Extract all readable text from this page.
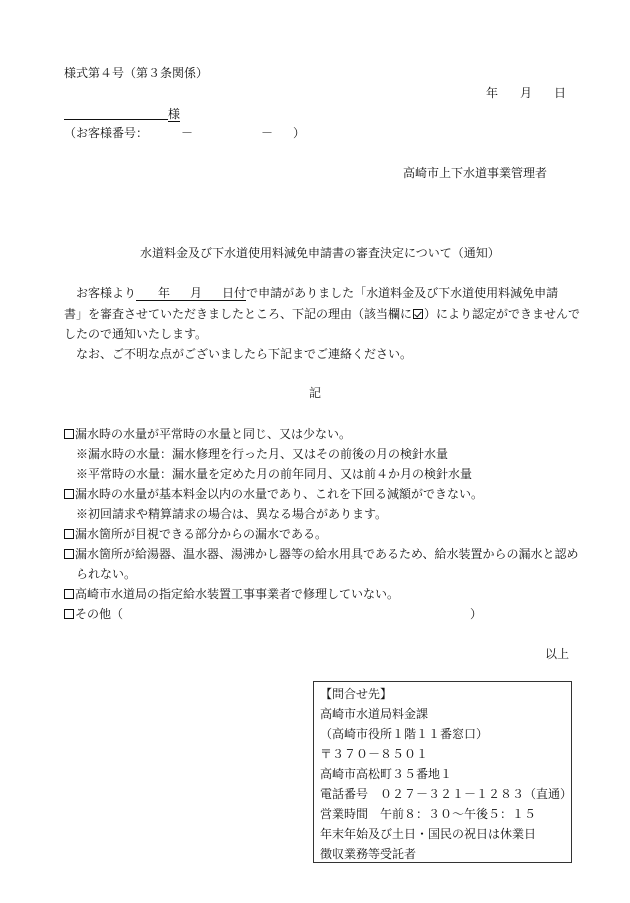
様式第４号（第３条関係）
年 月 日
様
（お客様番号：	－	－ ）
高崎市上下水道事業管理者
水道料金及び下水道使用料減免申請書の審査決定について（通知）
お客様より 年 月 日付で申請がありました「水道料金及び下水道使用料減免申請
書」を審査させていただきましたところ、下記の理由（該当欄に ）により認定ができませんで
したので通知いたします。
なお、ご不明な点がございましたら下記までご連絡ください。
記
漏水時の水量が平常時の水量と同じ、又は少ない。
※漏水時の水量：漏水修理を行った月、又はその前後の月の検針水量
※平常時の水量：漏水量を定めた月の前年同月、又は前４か月の検針水量
漏水時の水量が基本料金以内の水量であり、これを下回る減額ができない。
※初回請求や精算請求の場合は、異なる場合があります。
漏水箇所が目視できる部分からの漏水である。
漏水箇所が給湯器、温水器、湯沸かし器等の給水用具であるため、給水装置からの漏水と認め
られない。
高崎市水道局の指定給水装置工事事業者で修理していない。
その他（	）
以上
【問合せ先】
高崎市水道局料金課
（高崎市役所１階１１番窓口）
〒３７０－８５０１
高崎市高松町３５番地１
電話番号　０２７－３２１－１２８３（直通）
営業時間　午前８：３０～午後５：１５
年末年始及び土日・国民の祝日は休業日
徴収業務等受託者
